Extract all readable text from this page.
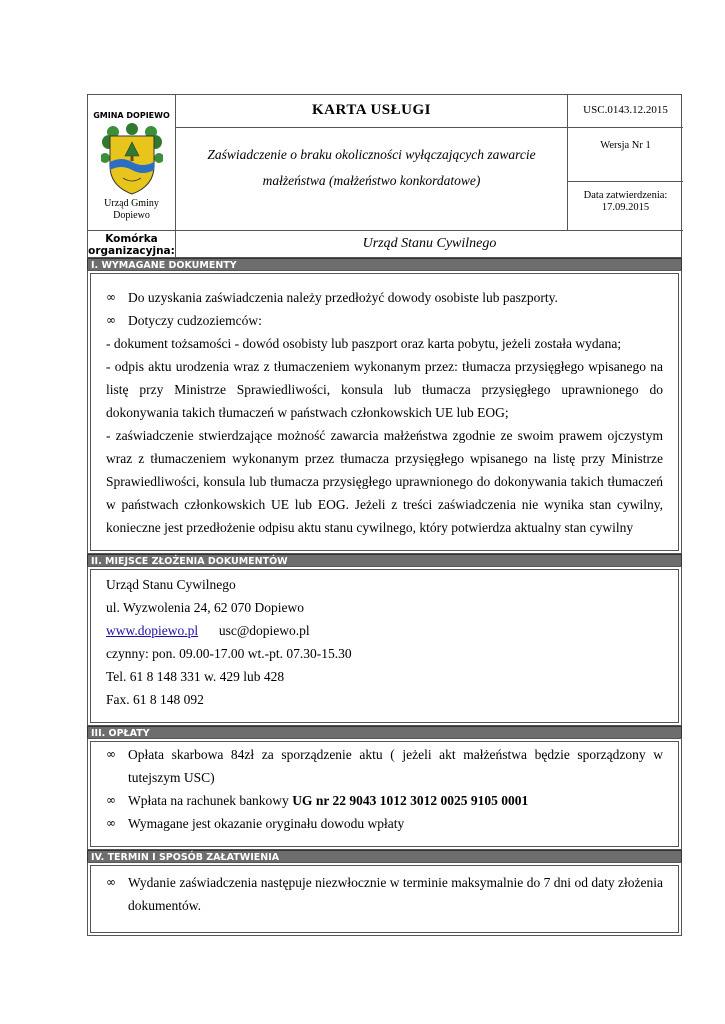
GMINA DOPIEWO
Urząd Gminy Dopiewo
KARTA USŁUGI	USC.0143.12.2015
Zaświadczenie o braku okoliczności wyłączających zawarcie małżeństwa (małżeństwo konkordatowe)
Wersja Nr 1
Data zatwierdzenia:
17.09.2015
Komórka organizacyjna:	Urząd Stanu Cywilnego
I. WYMAGANE DOKUMENTY
∞ Do uzyskania zaświadczenia należy przedłożyć dowody osobiste lub paszporty.
∞ Dotyczy cudzoziemców:
- dokument tożsamości - dowód osobisty lub paszport oraz karta pobytu, jeżeli została wydana;
- odpis aktu urodzenia wraz z tłumaczeniem wykonanym przez: tłumacza przysięgłego wpisanego na listę przy Ministrze Sprawiedliwości, konsula lub tłumacza przysięgłego uprawnionego do dokonywania takich tłumaczeń w państwach członkowskich UE lub EOG;
- zaświadczenie stwierdzające możność zawarcia małżeństwa zgodnie ze swoim prawem ojczystym wraz z tłumaczeniem wykonanym przez tłumacza przysięgłego wpisanego na listę przy Ministrze Sprawiedliwości, konsula lub tłumacza przysięgłego uprawnionego do dokonywania takich tłumaczeń w państwach członkowskich UE lub EOG. Jeżeli z treści zaświadczenia nie wynika stan cywilny, konieczne jest przedłożenie odpisu aktu stanu cywilnego, który potwierdza aktualny stan cywilny
II. MIEJSCE ZŁOŻENIA DOKUMENTÓW
Urząd Stanu Cywilnego
ul. Wyzwolenia 24, 62 070 Dopiewo
www.dopiewo.pl usc@dopiewo.pl
czynny: pon. 09.00-17.00 wt.-pt. 07.30-15.30
Tel. 61 8 148 331 w. 429 lub 428
Fax. 61 8 148 092
III. OPŁATY
∞ Opłata skarbowa 84zł za sporządzenie aktu ( jeżeli akt małżeństwa będzie sporządzony w tutejszym USC)
∞ Wpłata na rachunek bankowy UG nr 22 9043 1012 3012 0025 9105 0001
∞ Wymagane jest okazanie oryginału dowodu wpłaty
IV. TERMIN I SPOSÓB ZAŁATWIENIA
∞ Wydanie zaświadczenia następuje niezwłocznie w terminie maksymalnie do 7 dni od daty złożenia dokumentów.
